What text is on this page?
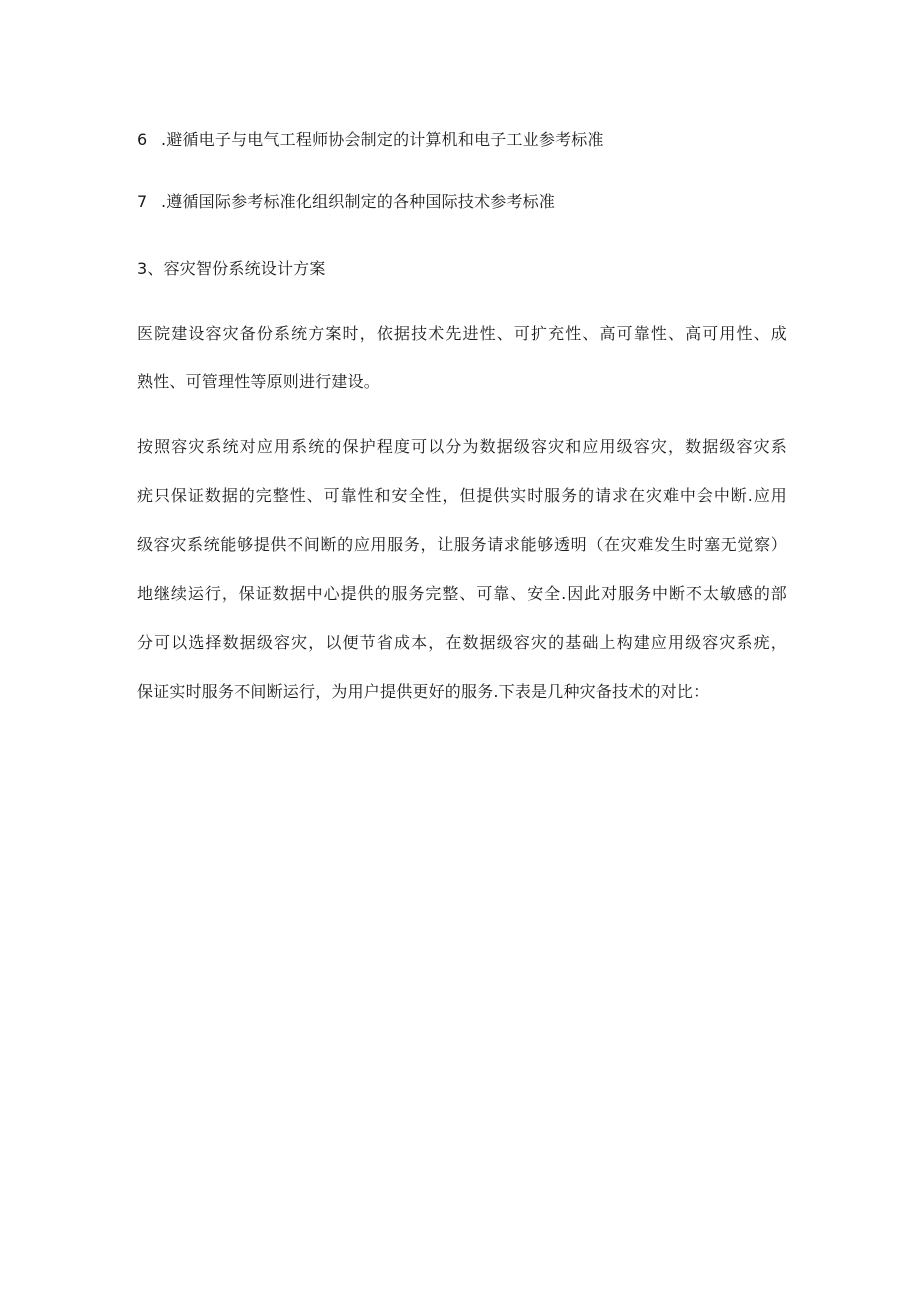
6 .避循电子与电气工程师协会制定的计算机和电子工业参考标准
7 .遵循国际参考标准化组织制定的各种国际技术参考标准
3、容灾智份系统设计方案
医院建设容灾备份系统方案时，依据技术先进性、可扩充性、高可靠性、高可用性、成
熟性、可管理性等原则进行建设。
按照容灾系统对应用系统的保护程度可以分为数据级容灾和应用级容灾，数据级容灾系
疣只保证数据的完整性、可靠性和安全性，但提供实时服务的请求在灾难中会中断.应用
级容灾系统能够提供不间断的应用服务，让服务请求能够透明（在灾难发生时塞无觉察）
地继续运行，保证数据中心提供的服务完整、可靠、安全.因此对服务中断不太敏感的部
分可以选择数据级容灾，以便节省成本，在数据级容灾的基础上构建应用级容灾系疣，
保证实时服务不间断运行，为用户提供更好的服务.下表是几种灾备技术的对比：
